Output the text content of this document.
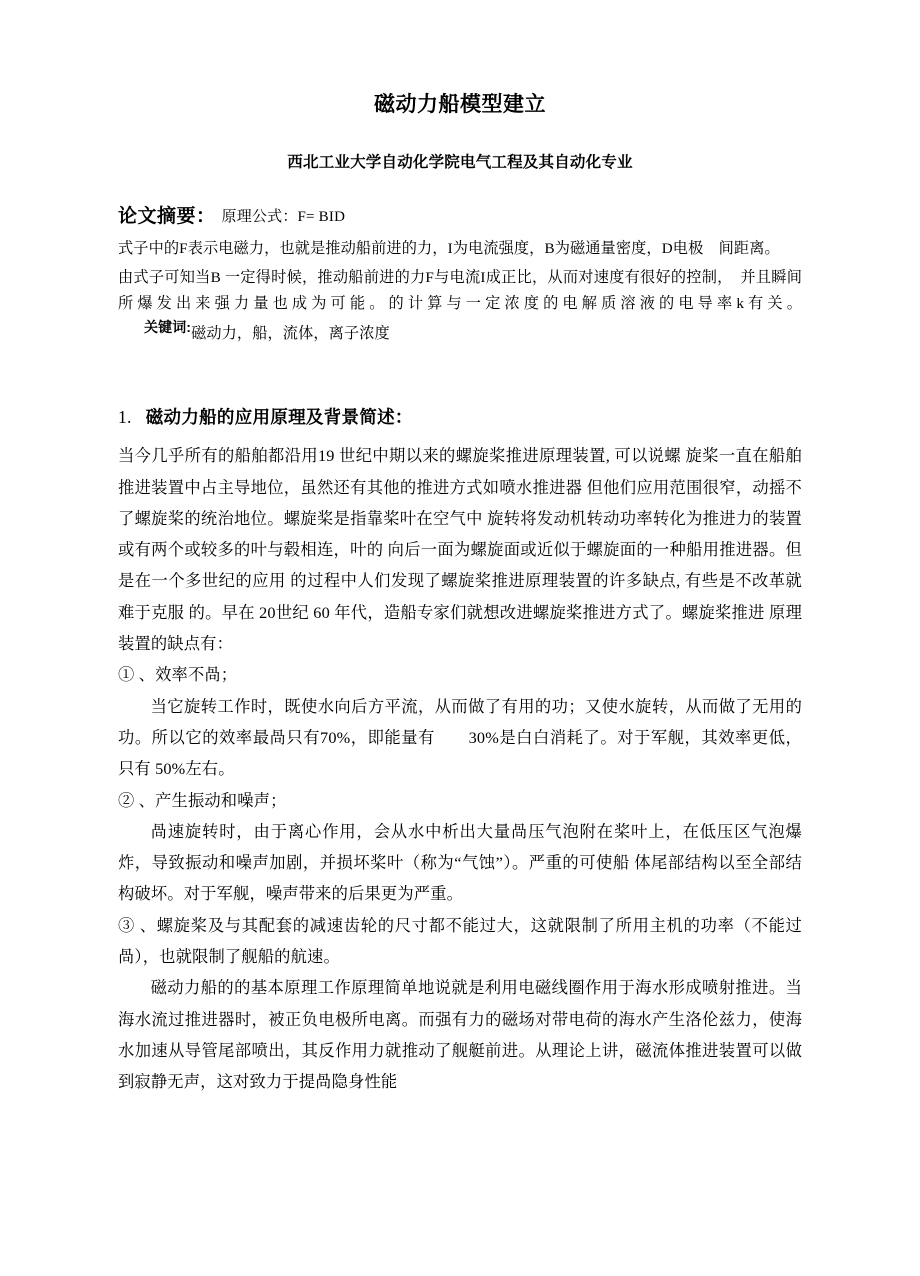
磁动力船模型建立
西北工业大学自动化学院电气工程及其自动化专业
论文摘要： 原理公式：F= BID

式子中的F表示电磁力，也就是推动船前进的力，I为电流强度，B为磁通量密度，D电极　间距离。

由式子可知当B 一定得时候，推动船前进的力F与电流I成正比，从而对速度有很好的控制，　并且瞬间所爆发出来强力量也成为可能。的计算与一定浓度的电解质溶液的电导率k有关。关键词:磁动力，船，流体，离子浓度

1. 磁动力船的应用原理及背景简述：

当今几乎所有的船舶都沿用19 世纪中期以来的螺旋桨推进原理装置, 可以说螺 旋桨一直在船舶推进装置中占主导地位，虽然还有其他的推进方式如喷水推进器 但他们应用范围很窄，动摇不了螺旋桨的统治地位。螺旋桨是指靠桨叶在空气中 旋转将发动机转动功率转化为推进力的装置或有两个或较多的叶与毂相连，叶的 向后一面为螺旋面或近似于螺旋面的一种船用推进器。但是在一个多世纪的应用 的过程中人们发现了螺旋桨推进原理装置的许多缺点, 有些是不改革就难于克服 的。早在 20世纪 60 年代，造船专家们就想改进螺旋桨推进方式了。螺旋桨推进 原理装置的缺点有：

① 、效率不咼；

当它旋转工作时，既使水向后方平流，从而做了有用的功；又使水旋转，从而做了无用的功。所以它的效率最咼只有70%，即能量有　　30%是白白消耗了。对于军舰，其效率更低，只有 50%左右。

② 、产生振动和噪声；

咼速旋转时，由于离心作用，会从水中析出大量咼压气泡附在桨叶上，在低压区气泡爆炸，导致振动和噪声加剧，并损坏桨叶（称为“气蚀”）。严重的可使船 体尾部结构以至全部结构破坏。对于军舰，噪声带来的后果更为严重。

③ 、螺旋桨及与其配套的减速齿轮的尺寸都不能过大，这就限制了所用主机的功率（不能过咼），也就限制了舰船的航速。

磁动力船的的基本原理工作原理简单地说就是利用电磁线圈作用于海水形成喷射推进。当海水流过推进器时，被正负电极所电离。而强有力的磁场对带电荷的海水产生洛伦兹力，使海水加速从导管尾部喷出，其反作用力就推动了舰艇前进。从理论上讲，磁流体推进装置可以做到寂静无声，这对致力于提咼隐身性能
